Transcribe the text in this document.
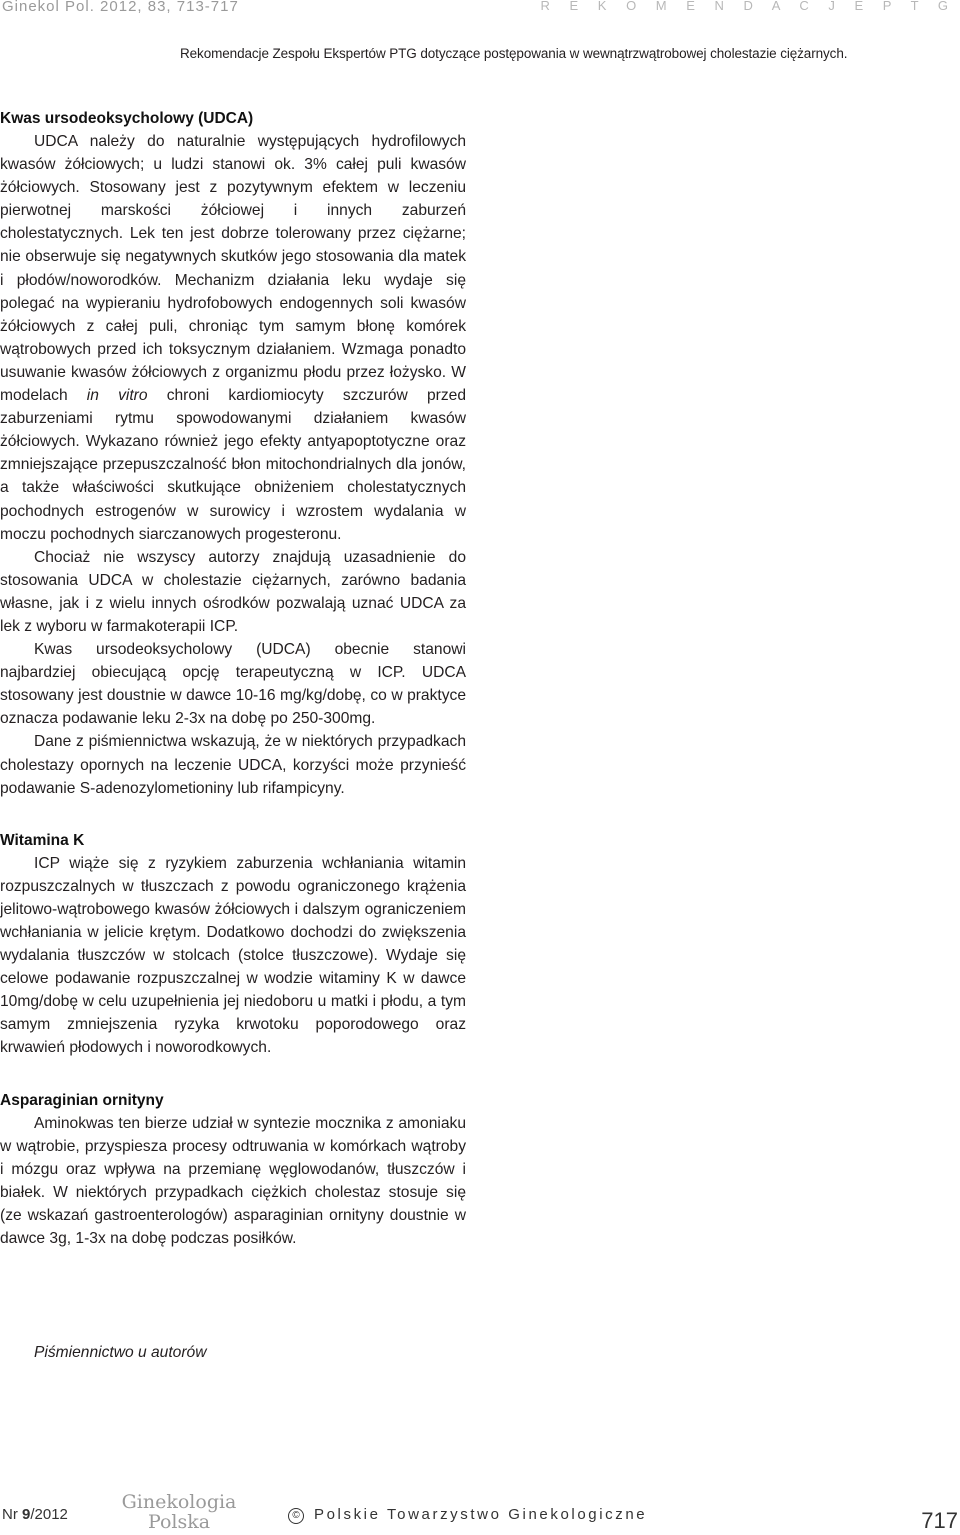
Ginekol Pol. 2012, 83, 713-717	R E K O M E N D A C J E P T G
Rekomendacje Zespołu Ekspertów PTG dotyczące postępowania w wewnątrzwątrobowej cholestazie ciężarnych.
Kwas ursodeoksycholowy (UDCA)

UDCA należy do naturalnie występujących hydrofilowych kwasów żółciowych; u ludzi stanowi ok. 3% całej puli kwasów żółciowych. Stosowany jest z pozytywnym efektem w leczeniu pierwotnej marskości żółciowej i innych zaburzeń cholestatycznych. Lek ten jest dobrze tolerowany przez ciężarne; nie obserwuje się negatywnych skutków jego stosowania dla matek i płodów/noworodków. Mechanizm działania leku wydaje się polegać na wypieraniu hydrofobowych endogennych soli kwasów żółciowych z całej puli, chroniąc tym samym błonę komórek wątrobowych przed ich toksycznym działaniem. Wzmaga ponadto usuwanie kwasów żółciowych z organizmu płodu przez łożysko. W modelach in vitro chroni kardiomiocyty szczurów przed zaburzeniami rytmu spowodowanymi działaniem kwasów żółciowych. Wykazano również jego efekty antyapoptotyczne oraz zmniejszające przepuszczalność błon mitochondrialnych dla jonów, a także właściwości skutkujące obniżeniem cholestatycznych pochodnych estrogenów w surowicy i wzrostem wydalania w moczu pochodnych siarczanowych progesteronu.

Chociaż nie wszyscy autorzy znajdują uzasadnienie do stosowania UDCA w cholestazie ciężarnych, zarówno badania własne, jak i z wielu innych ośrodków pozwalają uznać UDCA za lek z wyboru w farmakoterapii ICP.

Kwas ursodeoksycholowy (UDCA) obecnie stanowi najbardziej obiecującą opcję terapeutyczną w ICP. UDCA stosowany jest doustnie w dawce 10-16 mg/kg/dobę, co w praktyce oznacza podawanie leku 2-3x na dobę po 250-300mg.

Dane z piśmiennictwa wskazują, że w niektórych przypadkach cholestazy opornych na leczenie UDCA, korzyści może przynieść podawanie S-adenozylometioniny lub rifampicyny.

Witamina K

ICP wiąże się z ryzykiem zaburzenia wchłaniania witamin rozpuszczalnych w tłuszczach z powodu ograniczonego krążenia jelitowo-wątrobowego kwasów żółciowych i dalszym ograniczeniem wchłaniania w jelicie krętym. Dodatkowo dochodzi do zwiększenia wydalania tłuszczów w stolcach (stolce tłuszczowe). Wydaje się celowe podawanie rozpuszczalnej w wodzie witaminy K w dawce 10mg/dobę w celu uzupełnienia jej niedoboru u matki i płodu, a tym samym zmniejszenia ryzyka krwotoku poporodowego oraz krwawień płodowych i noworodkowych.

Asparaginian ornityny

Aminokwas ten bierze udział w syntezie mocznika z amoniaku w wątrobie, przyspiesza procesy odtruwania w komórkach wątroby i mózgu oraz wpływa na przemianę węglowodanów, tłuszczów i białek. W niektórych przypadkach ciężkich cholestaz stosuje się (ze wskazań gastroenterologów) asparaginian ornityny doustnie w dawce 3g, 1-3x na dobę podczas posiłków.

Piśmiennictwo u autorów
Nr 9/2012
Ginekologia
Polska	© Polskie Towarzystwo Ginekologiczne	717
